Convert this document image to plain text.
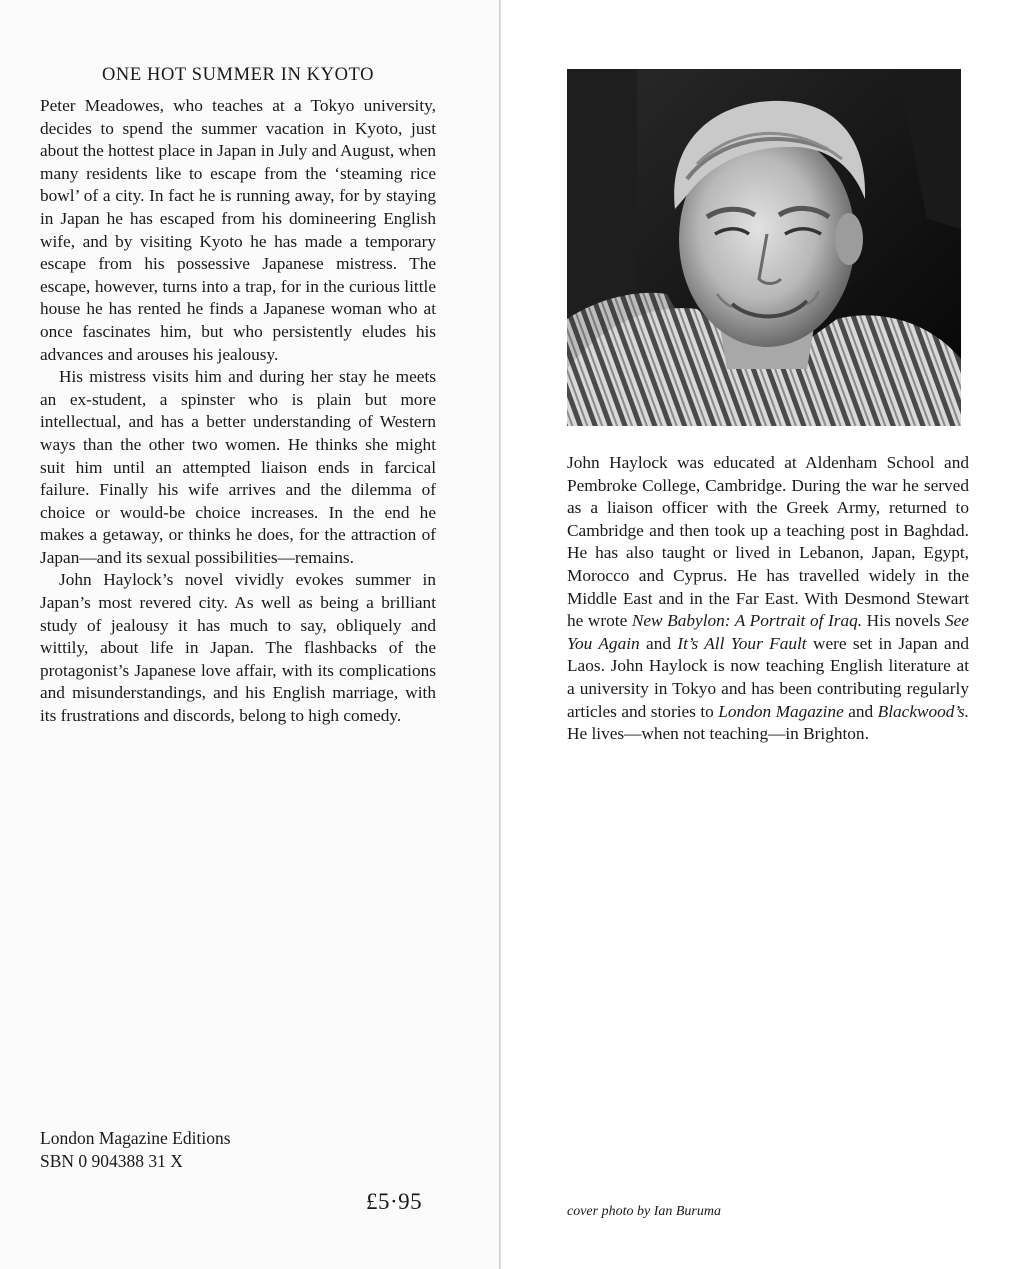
ONE HOT SUMMER IN KYOTO

Peter Meadowes, who teaches at a Tokyo university, decides to spend the summer vacation in Kyoto, just about the hottest place in Japan in July and August, when many residents like to escape from the ‘steaming rice bowl’ of a city. In fact he is running away, for by staying in Japan he has escaped from his domineering English wife, and by visiting Kyoto he has made a temporary escape from his possessive Japanese mistress. The escape, however, turns into a trap, for in the curious little house he has rented he finds a Japanese woman who at once fascinates him, but who persistently eludes his advances and arouses his jealousy.

His mistress visits him and during her stay he meets an ex-student, a spinster who is plain but more intellectual, and has a better understanding of Western ways than the other two women. He thinks she might suit him until an attempted liaison ends in farcical failure. Finally his wife arrives and the dilemma of choice or would-be choice increases. In the end he makes a getaway, or thinks he does, for the attraction of Japan—and its sexual possibilities—remains.

John Haylock’s novel vividly evokes summer in Japan’s most revered city. As well as being a brilliant study of jealousy it has much to say, obliquely and wittily, about life in Japan. The flashbacks of the protagonist’s Japanese love affair, with its complications and misunderstandings, and his English marriage, with its frustrations and discords, belong to high comedy.

London Magazine Editions
SBN 0 904388 31 X
£5·95

John Haylock was educated at Aldenham School and Pembroke College, Cambridge. During the war he served as a liaison officer with the Greek Army, returned to Cambridge and then took up a teaching post in Baghdad. He has also taught or lived in Lebanon, Japan, Egypt, Morocco and Cyprus. He has travelled widely in the Middle East and in the Far East. With Desmond Stewart he wrote New Babylon: A Portrait of Iraq. His novels See You Again and It’s All Your Fault were set in Japan and Laos. John Haylock is now teaching English literature at a university in Tokyo and has been contributing regularly articles and stories to London Magazine and Blackwood’s. He lives—when not teaching—in Brighton.

cover photo by Ian Buruma
